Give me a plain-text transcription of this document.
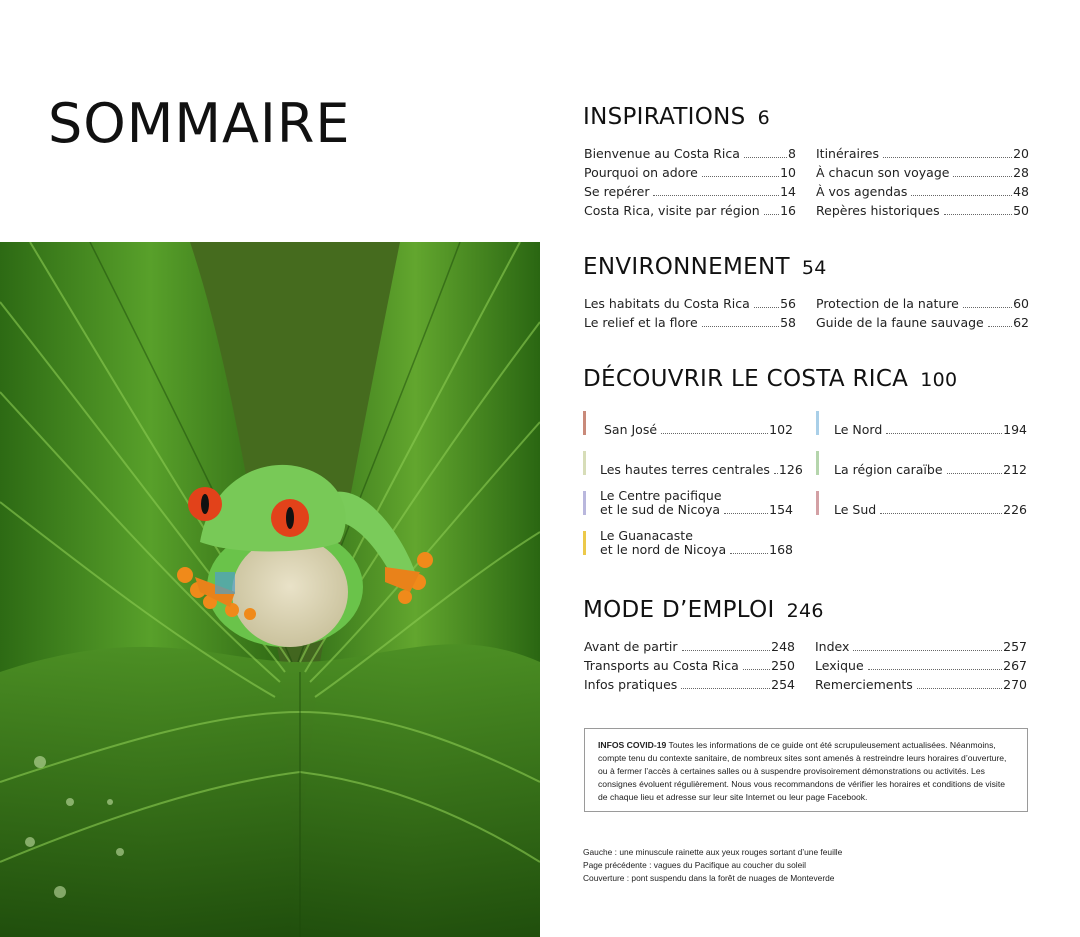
SOMMAIRE	INSPIRATIONS 6
Bienvenue au Costa Rica	8
Pourquoi on adore	10
Se repérer	14
Costa Rica, visite par région 16
Itinéraires	20
À chacun son voyage	28
À vos agendas	48
Repères historiques	50
ENVIRONNEMENT 54
Les habitats du Costa Rica 56
Le relief et la flore	58
Protection de la nature	60
Guide de la faune sauvage 62
DÉCOUVRIR LE COSTA RICA 100
San José	102
Les hautes terres centrales 126
Le Centre pacifique
et le sud de Nicoya	154
Le Guanacaste
et le nord de Nicoya	168
Le Nord	194
La région caraïbe	212
Le Sud	226
MODE D’EMPLOI 246
Avant de partir	248
Transports au Costa Rica	250
Infos pratiques	254
Index	257
Lexique	267
Remerciements	270
INFOS COVID-19 Toutes les informations de ce guide ont été scrupuleusement actualisées. Néanmoins, compte tenu du contexte sanitaire, de nombreux sites sont amenés à restreindre leurs horaires d’ouverture, ou à fermer l’accès à certaines salles ou à suspendre provisoirement démonstrations ou activités. Les consignes évoluent régulièrement. Nous vous recommandons de vérifier les horaires et conditions de visite de chaque lieu et adresse sur leur site Internet ou leur page Facebook.
Gauche : une minuscule rainette aux yeux rouges sortant d’une feuille
Page précédente : vagues du Pacifique au coucher du soleil
Couverture : pont suspendu dans la forêt de nuages de Monteverde
